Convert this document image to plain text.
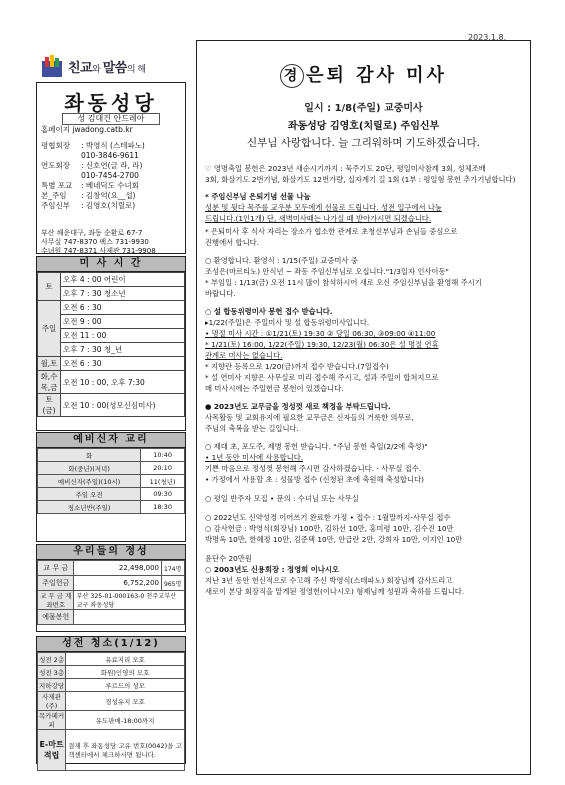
2023.1.8.
친교와 말씀의 해
좌동성당
성 김대건 안드레아
홈페이지 jwadong.catb.kr
평협회장	: 박영식 (스테파노)
010-3846-9611
연도회장	: 신호연(글 라, 라)
010-7454-2700
특별 포교	: 베네딕도 수녀회
본_주임	: 김창억(요__섭)
주임신부	: 김영호(치릴로)
부산 해운대구, 좌동 순환로 67-7
사무실 747-8370 팩스 731-9930
수녀원 747-8371 사제관 731-9908
미 사 시 간
토	오후 4 : 00 어린이
	오후 7 : 30 청소년
주일	오전 6 : 30
	오전 9 : 00
	오전 11 : 00
	오후 7 : 30 청_년
월,토	오전 6 : 30
화,수 목,금	오전 10 : 00, 오후 7:30
토(금)	오전 10 : 00(성모신심미사)
예비신자 교리
화	10:40
화(중년)(저녁)	20:10
예비신자(주일)(10시)	11(청년)
주일 오전	09:30
청소년반(주일)	18:30
우리들의 정성
교 무 금	22,498,000	174명
주일헌금	6,752,200	965명
교 무 금 계좌번호	부산 325-01-000163-0 천주교부산교구 좌동성당	
예물봉헌		
성전 청소(1/12)
성전 2층	유료지리 모호
성전 3층	화원)인영의 모호
지하강당	루르드의 성모
사제관(주)	경성유지 모호
목카페커피	유도판매-18:00까지
E-마트 적립	결재 후 좌동성당 고유 번호(0042)을 고객센터에서 체크하시면 됩니다.
경 은퇴 감사 미사
일시 : 1/8(주일) 교중미사
좌동성당 김영호(치릴로) 주임신부
신부님 사랑합니다. 늘 그리워하며 기도하겠습니다.
♡ 영명축일 봉헌은 2023년 새순시기까지 : 묵주기도 20단, 평일미사참례 3회, 성체조배
3회, 화살기도 2번기념, 화살기도 12번가량, 십자계기 길 1회 (1부 : 평일형 봉헌 추가기념합니다)
* 주임신부님 은퇴기념 선물 나눔
성분 및 뒷다 목주를 교우분 모두에게 선물로 드립니다. 성전 입구에서 나눔
드립니다.(1인1개) 단, 새벽미사때는 나가실 때 받아가시면 되겠습니다.
* 은퇴미사 후 식사 자리는 장소가 협소한 관계로 초청신부님과 손님들 중심으로
진행에서 합니다.
○ 환영합니다. 환영식 : 1/15(주일) 교중미사 중
조성은(마르티노) 안식년 ~ 좌동 주임신부님로 오십니다."1/3일자 인사이동"
* 부임일 : 1/13(금) 오전 11시 많이 참석하시어 새로 오신 주임신부님을 환영해 주시기
바랍니다.
○ 설 합동위령미사 봉헌 접수 받습니다.
▸1/22(주일)은 주일미사 및 설 합동위령미사입니다.
• 명절 미사 시간 : ①1/21(토) 19:30 ② 당일 06:30, ③09:00 ④11:00
* 1/21(토) 16:00, 1/22(주일) 19:30, 12/23(월) 06:30은 설 명절 연휴
관계로 미사는 없습니다.
* 지향란 등록으로 1/20(금)까지 접수 받습니다.(7일접수)
* 설 연미사 지향은 사무실로 미리 접수해 주시고, 설과 주일이 합쳐지므로
매 미사시에는 주일헌금 봉헌이 있겠습니다.
● 2023년도 교무금을 정성껏 새로 책정을 부탁드립니다.
사목활동 및 교회유지에 필요한 교무금은 신자들의 거룩한 의무로,
주님의 축복을 받는 길입니다.
○ 제대 초, 포도주, 제병 봉헌 받습니다. "주님 봉헌 축일(2/2에 축성)"
• 1년 동안 미사에 사용합니다.
기쁜 마음으로 정성껏 봉헌해 주시면 감사하겠습니다. - 사무실 접수.
• 가정에서 사용할 초 : 성물방 접수 (신청된 초에 축원해 축성합니다)
○ 평일 반주자 모집 • 문의 : 수녀님 또는 사무실
○ 2022년도 신약성경 이어쓰기 완료한 가정 • 접수 : 1월말까지-사무실 접수
○ 감사헌금 : 박영식(회장님) 100만, 김하선 10만, 홍미령 10만, 김수진 10만
박명옥 10만, 한혜정 10만, 김준택 10만, 안급란 2만, 강희자 10만, 이지인 10만
윤단수 20만원
○ 2003년도 신용회장 : 정영희 이나시오
지난 3년 동안 헌신적으로 수고해 주신 박영식(스테파노) 회장님께 감사드리고
새로이 본당 회장직을 맡게된 정영헌(이나시오) 형제님께 성원과 축하를 드립니다.
